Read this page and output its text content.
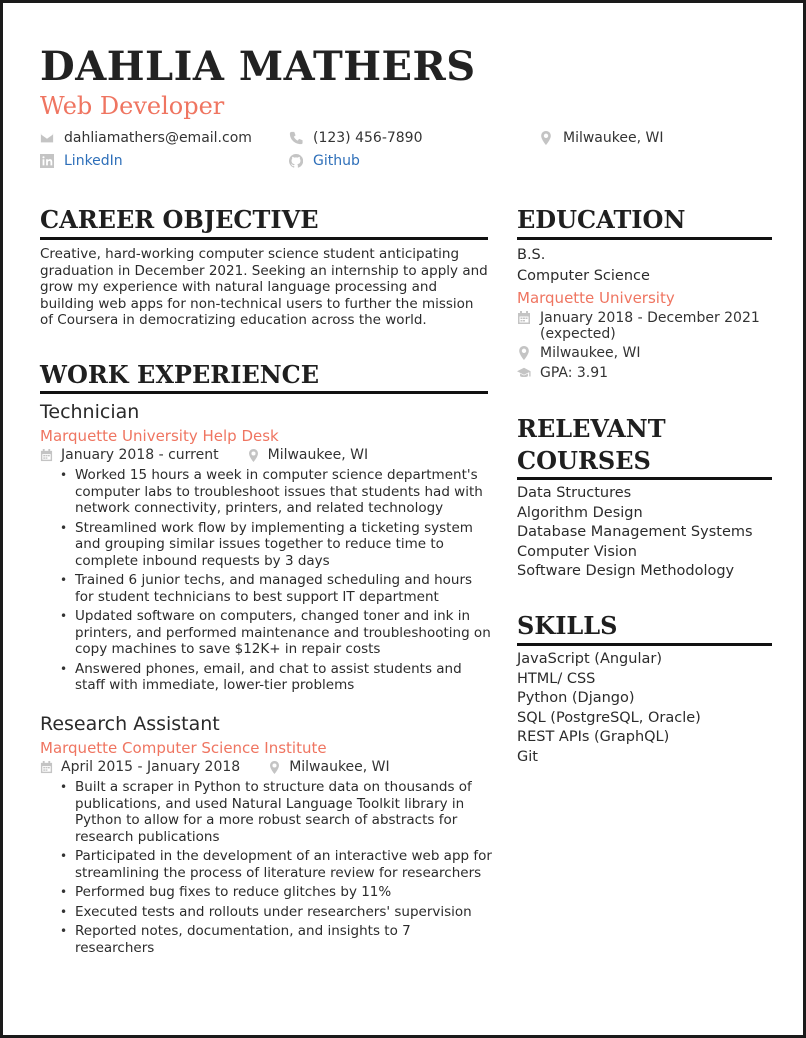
DAHLIA MATHERS
Web Developer
dahliamathers@email.com	(123) 456-7890	Milwaukee, WI
LinkedIn	Github
CAREER OBJECTIVE
Creative, hard-working computer science student anticipating graduation in December 2021. Seeking an internship to apply and grow my experience with natural language processing and building web apps for non-technical users to further the mission of Coursera in democratizing education across the world.
WORK EXPERIENCE
Technician
Marquette University Help Desk
January 2018 - current	Milwaukee, WI
• Worked 15 hours a week in computer science department's computer labs to troubleshoot issues that students had with network connectivity, printers, and related technology
• Streamlined work flow by implementing a ticketing system and grouping similar issues together to reduce time to complete inbound requests by 3 days
• Trained 6 junior techs, and managed scheduling and hours for student technicians to best support IT department
• Updated software on computers, changed toner and ink in printers, and performed maintenance and troubleshooting on copy machines to save $12K+ in repair costs
• Answered phones, email, and chat to assist students and staff with immediate, lower-tier problems
Research Assistant
Marquette Computer Science Institute
April 2015 - January 2018	Milwaukee, WI
• Built a scraper in Python to structure data on thousands of publications, and used Natural Language Toolkit library in Python to allow for a more robust search of abstracts for research publications
• Participated in the development of an interactive web app for streamlining the process of literature review for researchers
• Performed bug fixes to reduce glitches by 11%
• Executed tests and rollouts under researchers' supervision
• Reported notes, documentation, and insights to 7 researchers
EDUCATION
B.S.
Computer Science
Marquette University
January 2018 - December 2021 (expected)
Milwaukee, WI
GPA: 3.91
RELEVANT
COURSES
Data Structures
Algorithm Design
Database Management Systems
Computer Vision
Software Design Methodology
SKILLS
JavaScript (Angular)
HTML/ CSS
Python (Django)
SQL (PostgreSQL, Oracle)
REST APIs (GraphQL)
Git
